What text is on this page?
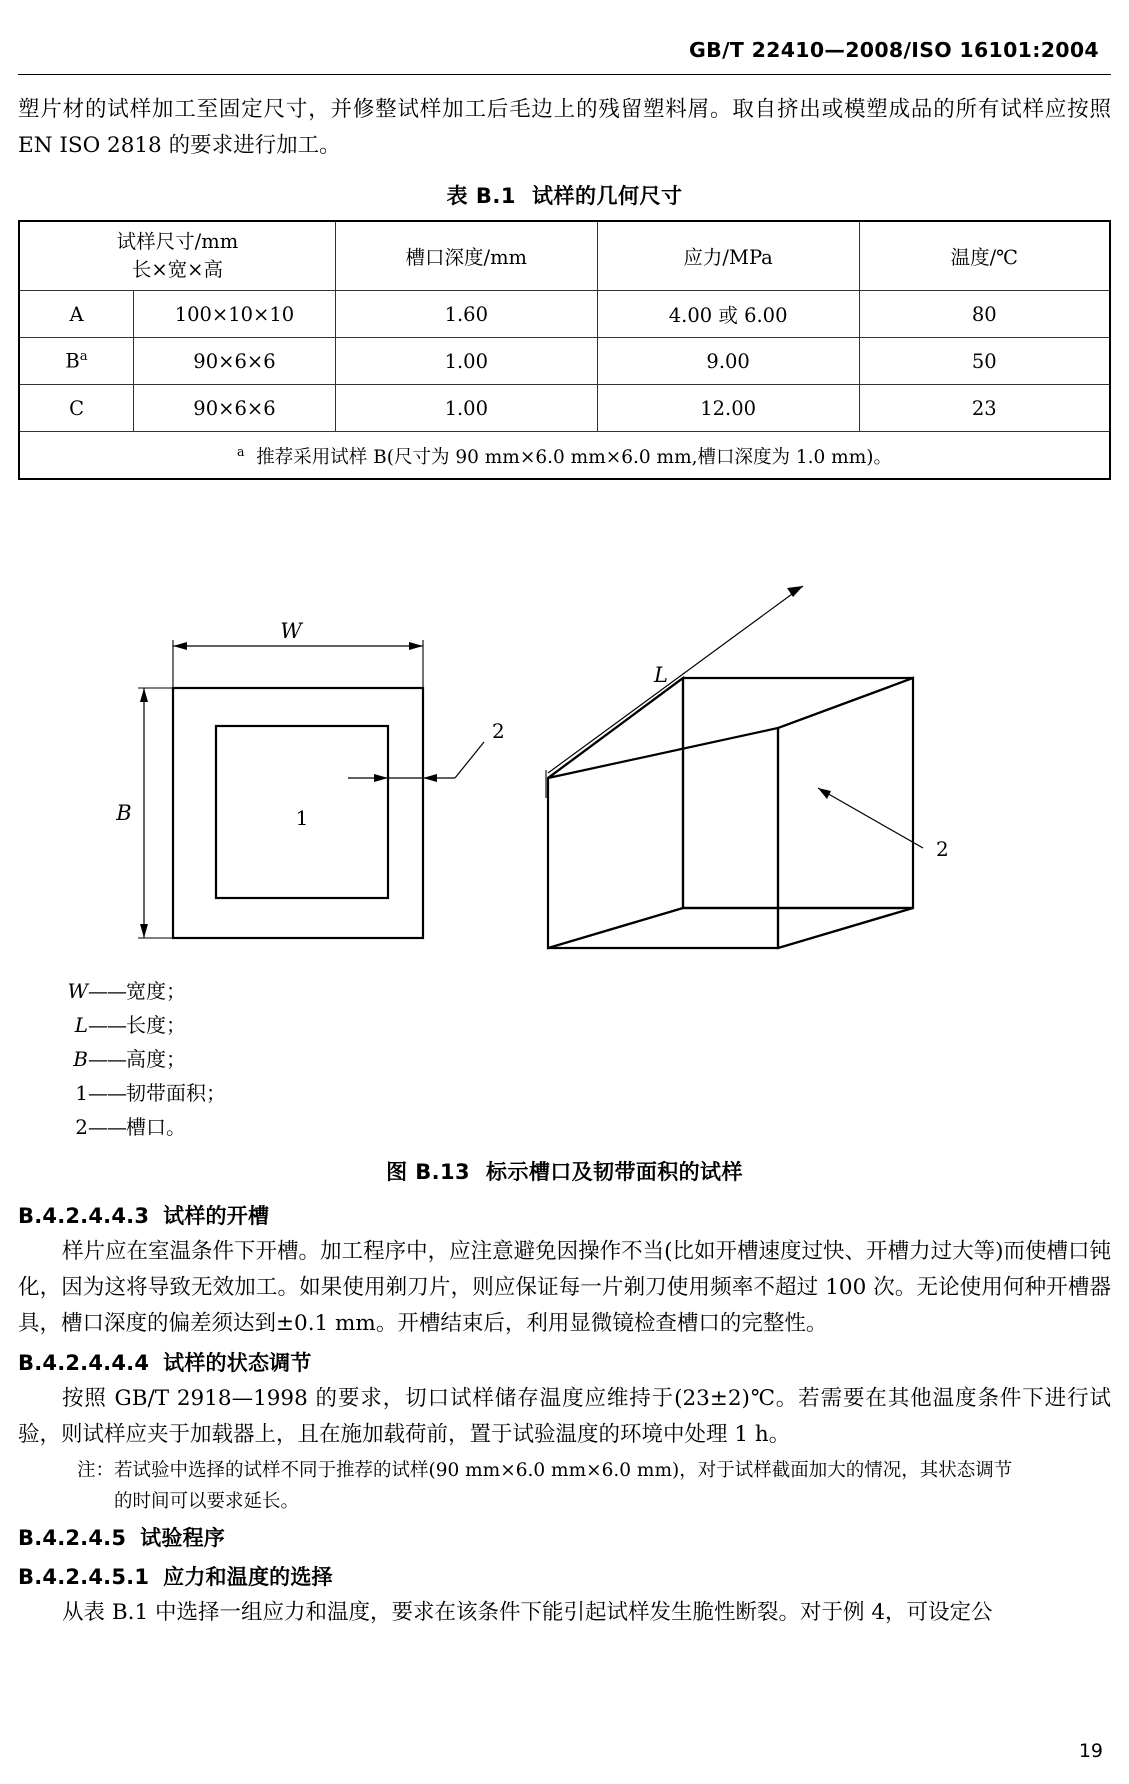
GB/T 22410—2008/ISO 16101:2004

塑片材的试样加工至固定尺寸，并修整试样加工后毛边上的残留塑料屑。取自挤出或模塑成品的所有试样应按照 EN ISO 2818 的要求进行加工。

表 B.1 试样的几何尺寸
试样尺寸/mm
长×宽×高		槽口深度/mm	应力/MPa	温度/℃
A	100×10×10	1.60	4.00 或 6.00	80
B$^a$	90×6×6	1.00	9.00	50
C	90×6×6	1.00	12.00	23
$^a$ 推荐采用试样 B(尺寸为 90 mm×6.0 mm×6.0 mm,槽口深度为 1.0 mm)。				
W
B
2
1
L
2
W——宽度；
L——长度；
B——高度；
1——韧带面积；
2——槽口。
图 B.13 标示槽口及韧带面积的试样
B.4.2.4.4.3 试样的开槽

样片应在室温条件下开槽。加工程序中，应注意避免因操作不当(比如开槽速度过快、开槽力过大等)而使槽口钝化，因为这将导致无效加工。如果使用剃刀片，则应保证每一片剃刀使用频率不超过 100 次。无论使用何种开槽器具，槽口深度的偏差须达到±0.1 mm。开槽结束后，利用显微镜检查槽口的完整性。

B.4.2.4.4.4 试样的状态调节

按照 GB/T 2918—1998 的要求，切口试样储存温度应维持于(23±2)℃。若需要在其他温度条件下进行试验，则试样应夹于加载器上，且在施加载荷前，置于试验温度的环境中处理 1 h。

注：若试验中选择的试样不同于推荐的试样(90 mm×6.0 mm×6.0 mm)，对于试样截面加大的情况，其状态调节

的时间可以要求延长。

B.4.2.4.5 试验程序
B.4.2.4.5.1 应力和温度的选择

从表 B.1 中选择一组应力和温度，要求在该条件下能引起试样发生脆性断裂。对于例 4，可设定公

19
